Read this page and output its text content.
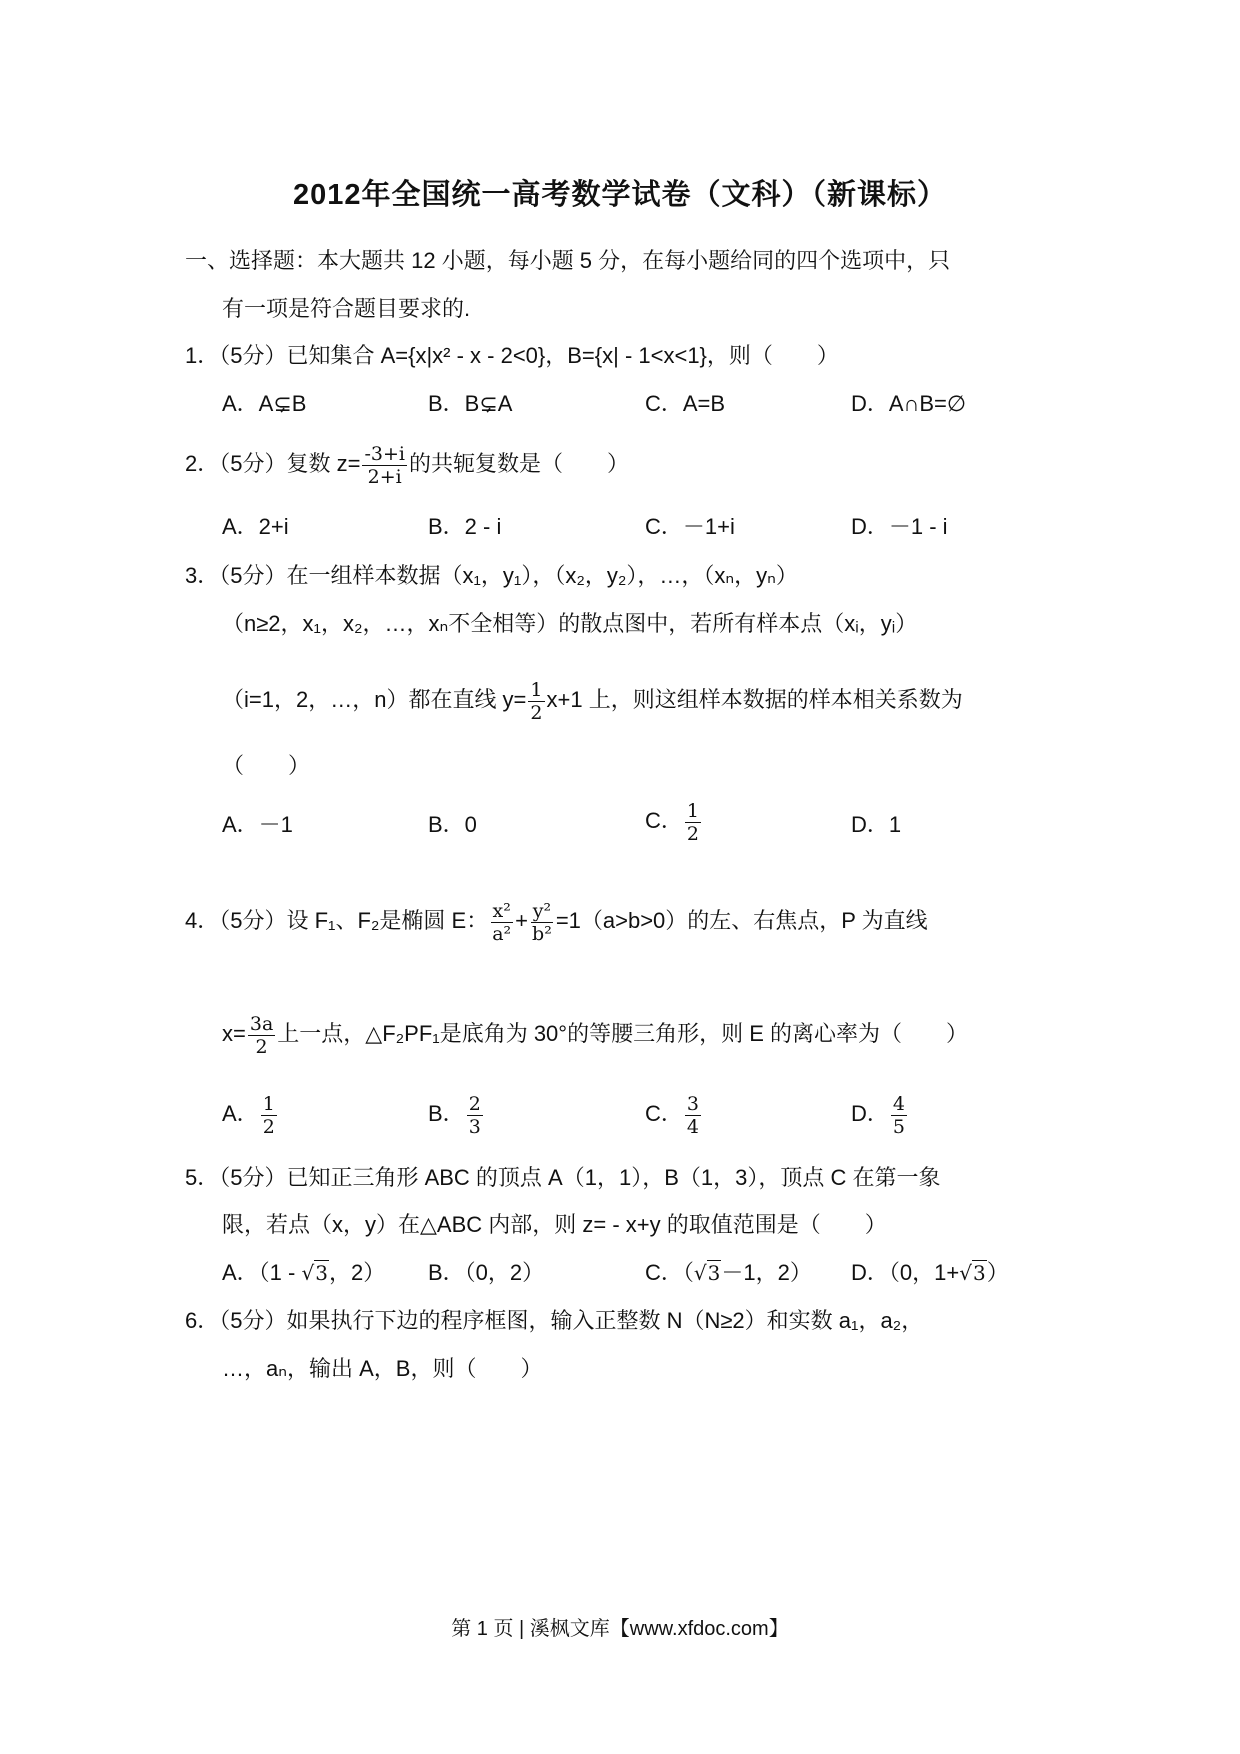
2012年全国统一高考数学试卷（文科）（新课标）
一、选择题：本大题共 12 小题，每小题 5 分，在每小题给同的四个选项中，只
有一项是符合题目要求的.
1．（5分）已知集合 A={x|x² - x - 2<0}，B={x| - 1<x<1}，则（　　）
A．A⊊B	B．B⊊A	C．A=B	D．A∩B=∅
2．（5分）复数 $z= \frac{-3+i}{2+i}$ 的共轭复数是（　　）
A．2+i	B．2 - i	C．－1+i	D．－1 - i
3．（5分）在一组样本数据（x₁，y₁），（x₂，y₂），…，（xₙ，yₙ）
（n≥2，x₁，x₂，…，xₙ不全相等）的散点图中，若所有样本点（xᵢ，yᵢ）
（i=1，2，…，n）都在直线 $y= \frac{1}{2} x+1$ 上，则这组样本数据的样本相关系数为
（　　）
A．－1	B．0	C． $\frac{1}{2}$	D．1
4．（5分）设 F₁、F₂是椭圆 E： $\frac{\text{x²}}{\text{a²}} + \frac{\text{y²}}{\text{b²}} =1(a>b>0)$的左、右焦点，P 为直线
$x= \frac{3a}{2}$ 上一点，△F₂PF₁是底角为 30°的等腰三角形，则 E 的离心率为（　　）
A． $\frac{1}{2}$	B． $\frac{2}{3}$	C． $\frac{3}{4}$	D． $\frac{4}{5}$
5．（5分）已知正三角形 ABC 的顶点 A（1，1），B（1，3），顶点 C 在第一象
限，若点（x，y）在△ABC 内部，则 z= - x+y 的取值范围是（　　）
A．（1 - √3，2） B．（0，2）	C．（√3－1，2） D．（0，1+√3）
6．（5分）如果执行下边的程序框图，输入正整数 N（N≥2）和实数 a₁，a₂，
…，aₙ，输出 A，B，则（　　）
第 1 页 | 溪枫文库【www.xfdoc.com】
